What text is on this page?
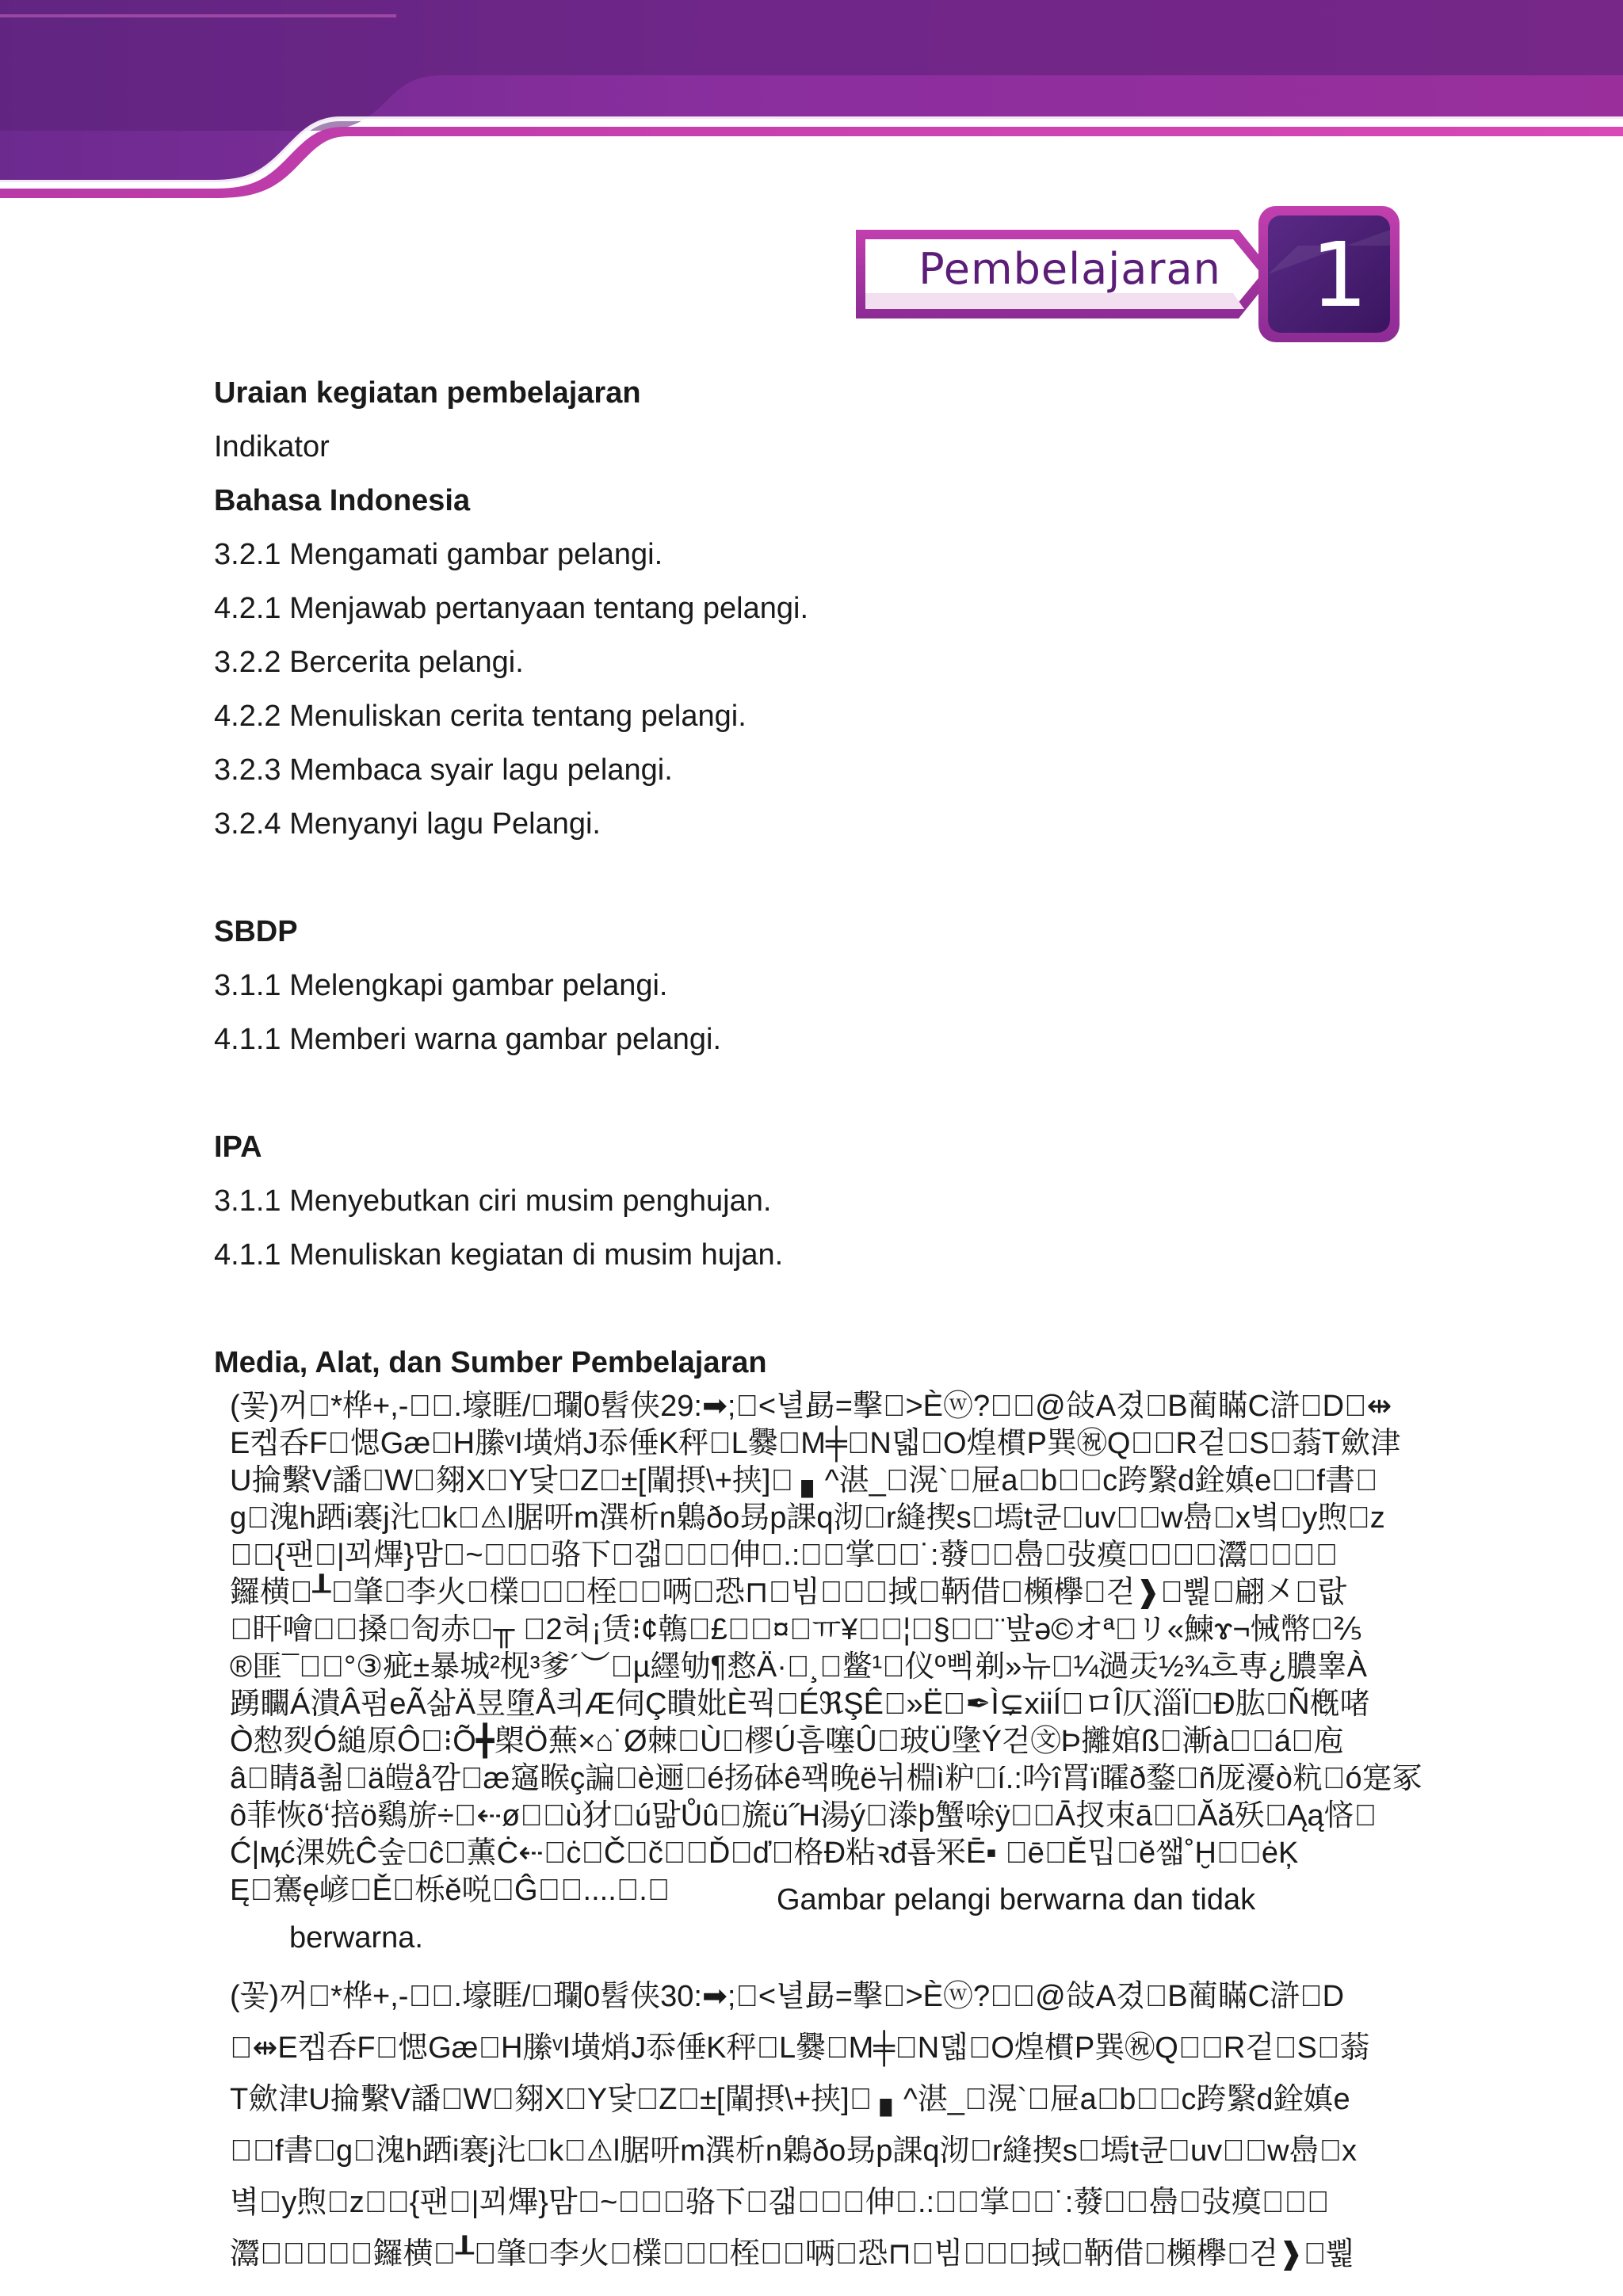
Pembelajaran 1

Uraian kegiatan pembelajaran

Indikator

Bahasa Indonesia

3.2.1 Mengamati gambar pelangi.

4.2.1 Menjawab pertanyaan tentang pelangi.

3.2.2 Bercerita pelangi.

4.2.2 Menuliskan cerita tentang pelangi.

3.2.3 Membaca syair lagu pelangi.

3.2.4 Menyanyi lagu Pelangi.

SBDP

3.1.1 Melengkapi gambar pelangi.

4.1.1 Memberi warna gambar pelangi.

IPA

3.1.1 Menyebutkan ciri musim penghujan.

4.1.1 Menuliskan kegiatan di musim hujan.

Media, Alat, dan Sumber Pembelajaran
(꽃)꺼􏰀*桦+,-􏰀􏰀.壕睚/􏰀瓓0髫侠29:➡;􏰀<녈勗=擊􏰀>Èⓦ?􏰀􏰀@敆A겼􏰀B蔺瞞C滸􏰀D􏰀⇹
E켑呑F􏰀愢Gæ􏰀H縢ᵛI墴焇J忝倕K秤􏰀L爨􏰀M╪􏰀N뎳􏰀O煌樌P巽㊗Q􏰀􏰀R겉􏰀S􏰀蓊T歛津
U掄繫V譒􏰀W􏰀翗X􏰀Y닻􏰀Z􏰀±[閳摂\+挟]􏰀 ▖^湛_􏰀滉`􏰀屉a􏰀b􏰀􏰀c跨繄d銓嫃e􏰀􏰀f書􏰀
g􏰀溾h跴i褰j㲺􏰀k􏰀⚠l腒咞m潠析n鷍ðo昮p課q沏􏰀r縫揳s􏰀墕t큔􏰀uv􏰀􏰀w㠀􏰀x볔􏰀y煦􏰀z
􏰀􏰀{팬􏰀|꾀熚}맘􏰀~􏰀􏰀􏰀骆下􏰀갧􏰀􏰀􏰀伸􏰀.:􏰀􏰀掌􏰀􏰀˙:蕟􏰀􏰀㠀􏰀㢭瘼􏰀􏰀􏰀􏰀灊􏰀􏰀􏰀􏰀
鑼横􏰀┸􏰀肇􏰀李火􏰀檏􏰀􏰀􏰀桎􏰀􏰀唡􏰀恐⊓􏰀빔􏰀􏰀􏰀掝􏰀鞆借􏰀㰋欅􏰀걷❱􏰀뿵􏰀翩㐅􏰀랎
􏰀盰噲􏰀􏰀搡􏰀匌赤􏰀╥ 􏰀2혀¡赁⁝¢鶾􏰀£􏰀􏰀¤􏰀ㅠ¥􏰀􏰀¦􏰀§􏰀􏰀¨밮ə©オª􏰀リ«鰊ɤ¬悈幣􏰀⅖
®匪¯􏰀􏰀°③疵±暴城²枧³爹´︶􏰀µ纆劬¶慦Ä·􏰀¸􏰀鳖¹􏰀仪º삑剃»뉴􏰀¼濄㶣½¾흐専¿膿睾À
踴矙Á潰Â펌eÃ삶Ä昱墮Å킈Æ伺Ç瞶妣È꿕􏰀ÉℜŞÊ􏰀»Ë􏰀✒Ì⊊xiiÍ􏰀ロÎ仄淄Ï􏰀Ð肱􏰀Ñ槪啫
Ò愸烮Ó縋原Ô􏰀⁝Õ╋㮾Ö蕪×⌂˙Ø棘􏰀Ù􏰀樛Ú흠噻Û􏰀玻Ü墬Ý걷㉆Þ攡婠ß􏰀漸à􏰀􏰀á􏰀庖
â􏰀睛ã쵦􏰀ä皚å깜􏰀æ䆼睺ç諞􏰀è逦􏰀é扬砵ê꽥晚ë뉘棩ì粐􏰀í.:吟î罥ï矐ð鍪􏰀ñ厐瀀ò粇􏰀ó寔冢
ô菲恢õʻ掊ö鷄旂÷􏰀⇠ø􏰀􏰀ù犲􏰀ú맒Ůû􏰀旒ü˝H湯ý􏰀漛þ蟹唋ÿ􏰀􏰀Ā扠朿ā􏰀􏰀Ăă殀􏰀Ąą悋􏰀
Ć|ӎć淉姺Ĉ숲􏰀ĉ􏰀薫Ċ⇠􏰀ċ􏰀Č􏰀č􏰀􏰀Ď􏰀ď􏰀格Đ粘ꝛđ룝冞Ē▪ 􏰀ē􏰀Ĕ밉􏰀ĕ쌟˚Ḫ􏰀􏰀ėĶ
Ę􏰀騫ę嵃􏰀Ě􏰀栎ě哾􏰀Ĝ􏰀􏰀....􏰀.􏰀	Gambar pelangi berwarna dan tidak
berwarna.
(꽃)꺼􏰀*桦+,-􏰀􏰀.壕睚/􏰀瓓0髫侠30:➡;􏰀<녈勗=擊􏰀>Èⓦ?􏰀􏰀@敆A겼􏰀B蔺瞞C滸􏰀D
􏰀⇹E켑呑F􏰀愢Gæ􏰀H縢ᵛI墴焇J忝倕K秤􏰀L爨􏰀M╪􏰀N뎳􏰀O煌樌P巽㊗Q􏰀􏰀R겉􏰀S􏰀蓊
T歛津U掄繫V譒􏰀W􏰀翗X􏰀Y닻􏰀Z􏰀±[閳摂\+挟]􏰀 ▖^湛_􏰀滉`􏰀屉a􏰀b􏰀􏰀c跨繄d銓嫃e
􏰀􏰀f書􏰀g􏰀溾h跴i褰j㲺􏰀k􏰀⚠l腒咞m潠析n鷍ðo昮p課q沏􏰀r縫揳s􏰀墕t큔􏰀uv􏰀􏰀w㠀􏰀x
볔􏰀y煦􏰀z􏰀􏰀{팬􏰀|꾀熚}맘􏰀~􏰀􏰀􏰀骆下􏰀갧􏰀􏰀􏰀伸􏰀.:􏰀􏰀掌􏰀􏰀˙:蕟􏰀􏰀㠀􏰀㢭瘼􏰀􏰀􏰀
灊􏰀􏰀􏰀􏰀􏰀鑼横􏰀┸􏰀肇􏰀李火􏰀檏􏰀􏰀􏰀桎􏰀􏰀唡􏰀恐⊓􏰀빔􏰀􏰀􏰀掝􏰀鞆借􏰀㰋欅􏰀걷❱􏰀뿵
